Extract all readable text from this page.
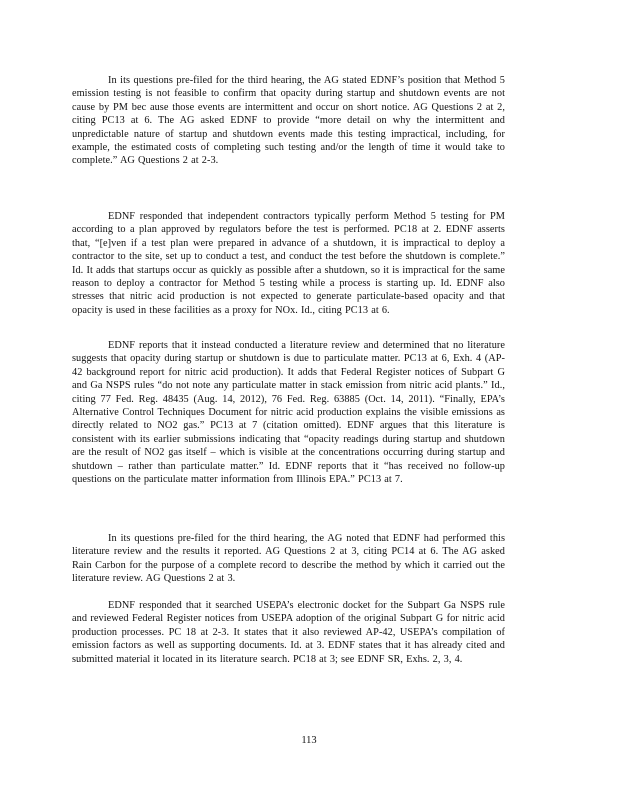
In its questions pre-filed for the third hearing, the AG stated EDNF’s position that Method 5 emission testing is not feasible to confirm that opacity during startup and shutdown events are not cause by PM bec ause those events are intermittent and occur on short notice. AG Questions 2 at 2, citing PC13 at 6. The AG asked EDNF to provide “more detail on why the intermittent and unpredictable nature of startup and shutdown events made this testing impractical, including, for example, the estimated costs of completing such testing and/or the length of time it would take to complete.” AG Questions 2 at 2-3.

EDNF responded that independent contractors typically perform Method 5 testing for PM according to a plan approved by regulators before the test is performed. PC18 at 2. EDNF asserts that, “[e]ven if a test plan were prepared in advance of a shutdown, it is impractical to deploy a contractor to the site, set up to conduct a test, and conduct the test before the shutdown is complete.” Id. It adds that startups occur as quickly as possible after a shutdown, so it is impractical for the same reason to deploy a contractor for Method 5 testing while a process is starting up. Id. EDNF also stresses that nitric acid production is not expected to generate particulate-based opacity and that opacity is used in these facilities as a proxy for NOx. Id., citing PC13 at 6.

EDNF reports that it instead conducted a literature review and determined that no literature suggests that opacity during startup or shutdown is due to particulate matter. PC13 at 6, Exh. 4 (AP-42 background report for nitric acid production). It adds that Federal Register notices of Subpart G and Ga NSPS rules “do not note any particulate matter in stack emission from nitric acid plants.” Id., citing 77 Fed. Reg. 48435 (Aug. 14, 2012), 76 Fed. Reg. 63885 (Oct. 14, 2011). “Finally, EPA’s Alternative Control Techniques Document for nitric acid production explains the visible emissions as directly related to NO2 gas.” PC13 at 7 (citation omitted). EDNF argues that this literature is consistent with its earlier submissions indicating that “opacity readings during startup and shutdown are the result of NO2 gas itself – which is visible at the concentrations occurring during startup and shutdown – rather than particulate matter.” Id. EDNF reports that it “has received no follow-up questions on the particulate matter information from Illinois EPA.” PC13 at 7.

In its questions pre-filed for the third hearing, the AG noted that EDNF had performed this literature review and the results it reported. AG Questions 2 at 3, citing PC14 at 6. The AG asked Rain Carbon for the purpose of a complete record to describe the method by which it carried out the literature review. AG Questions 2 at 3.

EDNF responded that it searched USEPA’s electronic docket for the Subpart Ga NSPS rule and reviewed Federal Register notices from USEPA adoption of the original Subpart G for nitric acid production processes. PC 18 at 2-3. It states that it also reviewed AP-42, USEPA’s compilation of emission factors as well as supporting documents. Id. at 3. EDNF states that it has already cited and submitted material it located in its literature search. PC18 at 3; see EDNF SR, Exhs. 2, 3, 4.

113
